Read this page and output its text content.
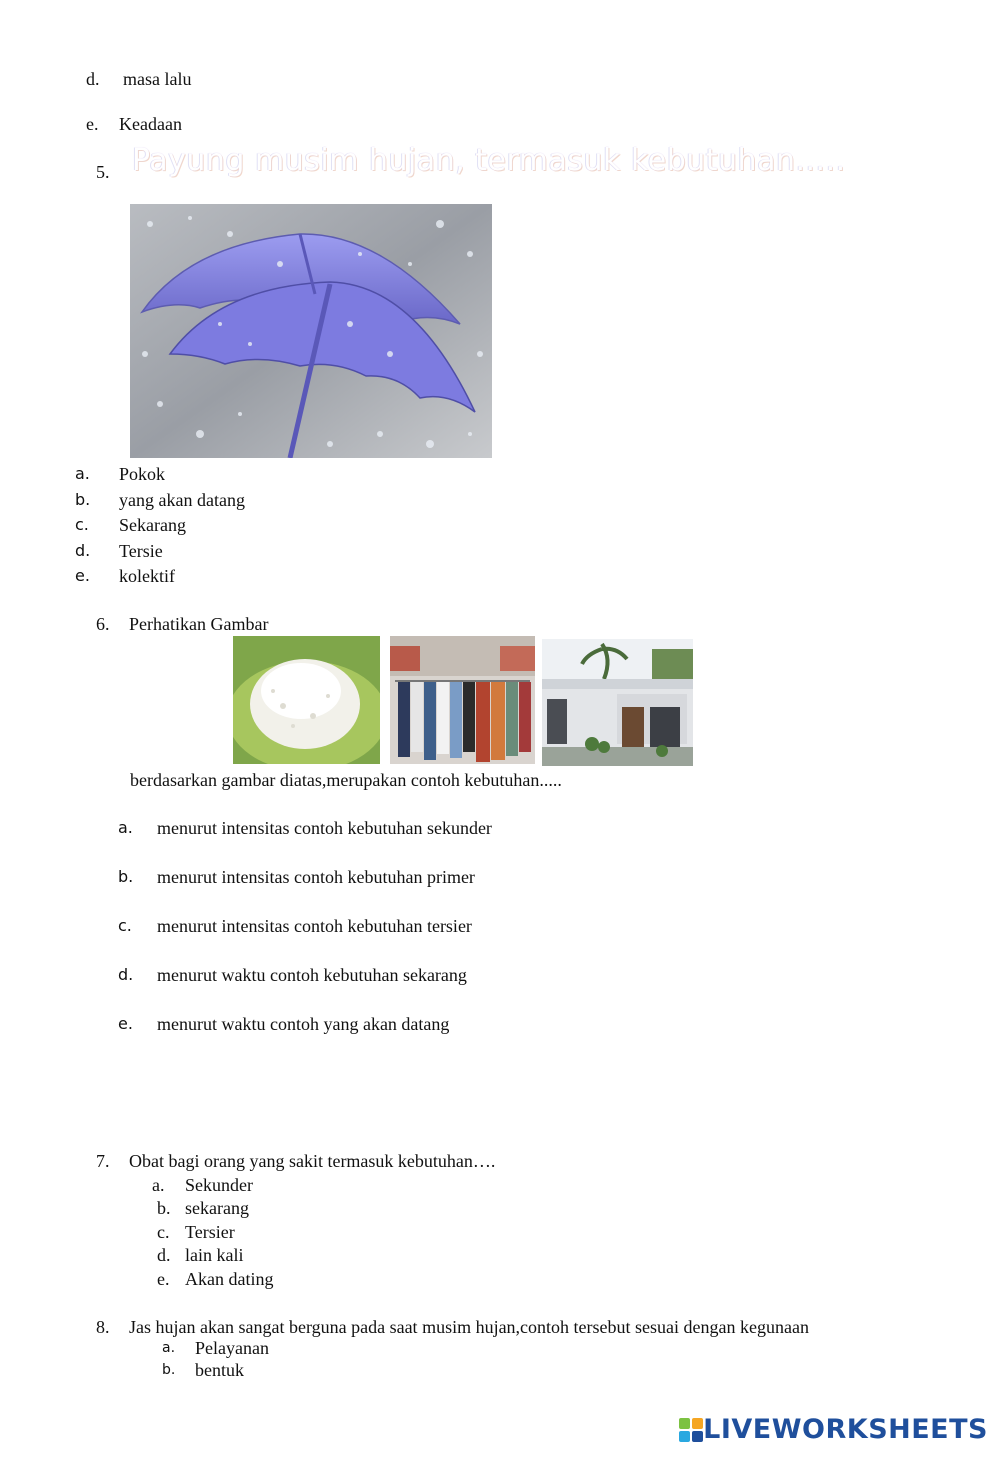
d. masa lalu
e. Keadaan
5. Payung musim hujan, termasuk kebutuhan.....
a. Pokok
b. yang akan datang
c. Sekarang
d. Tersie
e. kolektif
6. Perhatikan Gambar
berdasarkan gambar diatas,merupakan contoh kebutuhan.....
a. menurut intensitas contoh kebutuhan sekunder
b. menurut intensitas contoh kebutuhan primer
c. menurut intensitas contoh kebutuhan tersier
d. menurut waktu contoh kebutuhan sekarang
e. menurut waktu contoh yang akan datang
7. Obat bagi orang yang sakit termasuk kebutuhan….
a. Sekunder
b. sekarang
c. Tersier
d. lain kali
e. Akan dating
8. Jas hujan akan sangat berguna pada saat musim hujan,contoh tersebut sesuai dengan kegunaan
a. Pelayanan
b. bentuk
LIVEWORKSHEETS
